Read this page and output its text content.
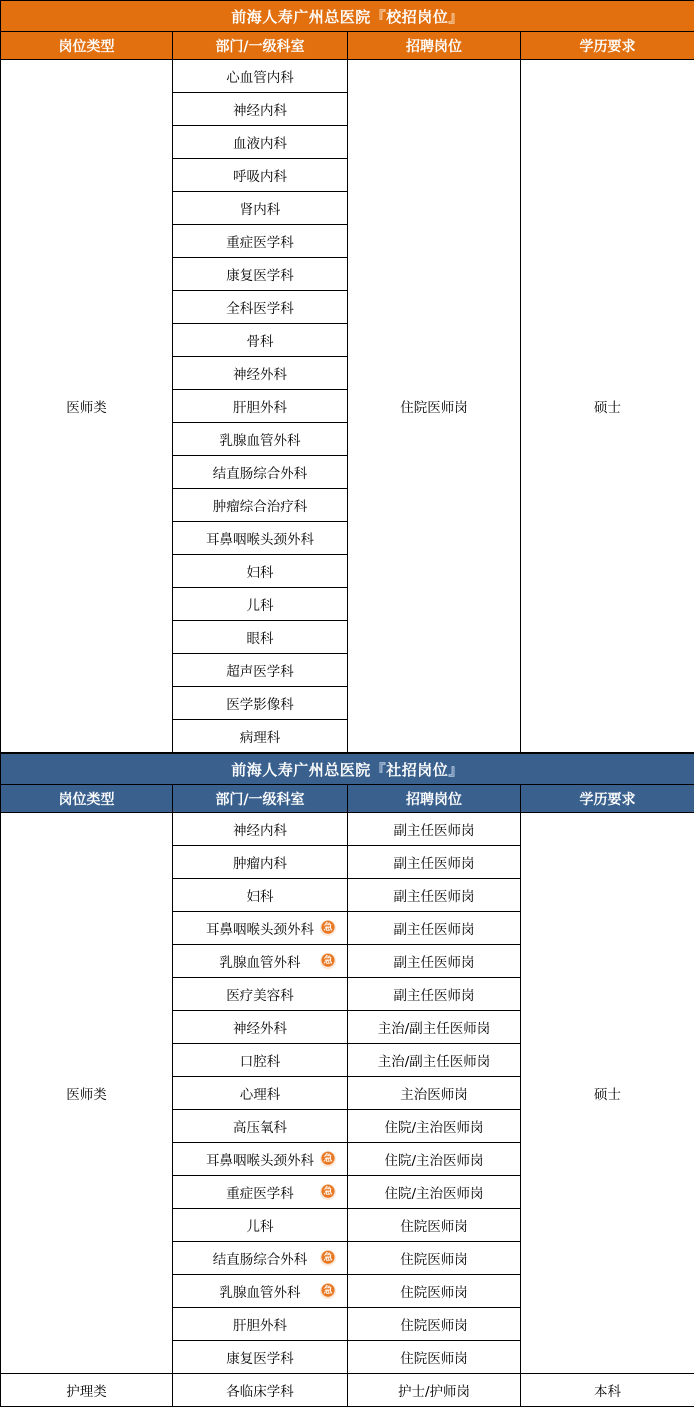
前海人寿广州总医院『校招岗位』			
岗位类型	部门/一级科室	招聘岗位	学历要求
医师类	心血管内科	住院医师岗	硕士
	神经内科		
	血液内科		
	呼吸内科		
	肾内科		
	重症医学科		
	康复医学科		
	全科医学科		
	骨科		
	神经外科		
	肝胆外科		
	乳腺血管外科		
	结直肠综合外科		
	肿瘤综合治疗科		
	耳鼻咽喉头颈外科		
	妇科		
	儿科		
	眼科		
	超声医学科		
	医学影像科		
	病理科		
前海人寿广州总医院『社招岗位』			
岗位类型	部门/一级科室	招聘岗位	学历要求
医师类	神经内科	副主任医师岗	硕士
	肿瘤内科	副主任医师岗	
	妇科	副主任医师岗	
	耳鼻咽喉头颈外科 急	副主任医师岗	
	乳腺血管外科 急	副主任医师岗	
	医疗美容科	副主任医师岗	
	神经外科	主治/副主任医师岗	
	口腔科	主治/副主任医师岗	
	心理科	主治医师岗	
	高压氧科	住院/主治医师岗	
	耳鼻咽喉头颈外科 急	住院/主治医师岗	
	重症医学科 急	住院/主治医师岗	
	儿科	住院医师岗	
	结直肠综合外科 急	住院医师岗	
	乳腺血管外科 急	住院医师岗	
	肝胆外科	住院医师岗	
	康复医学科	住院医师岗	
护理类	各临床学科	护士/护师岗	本科
